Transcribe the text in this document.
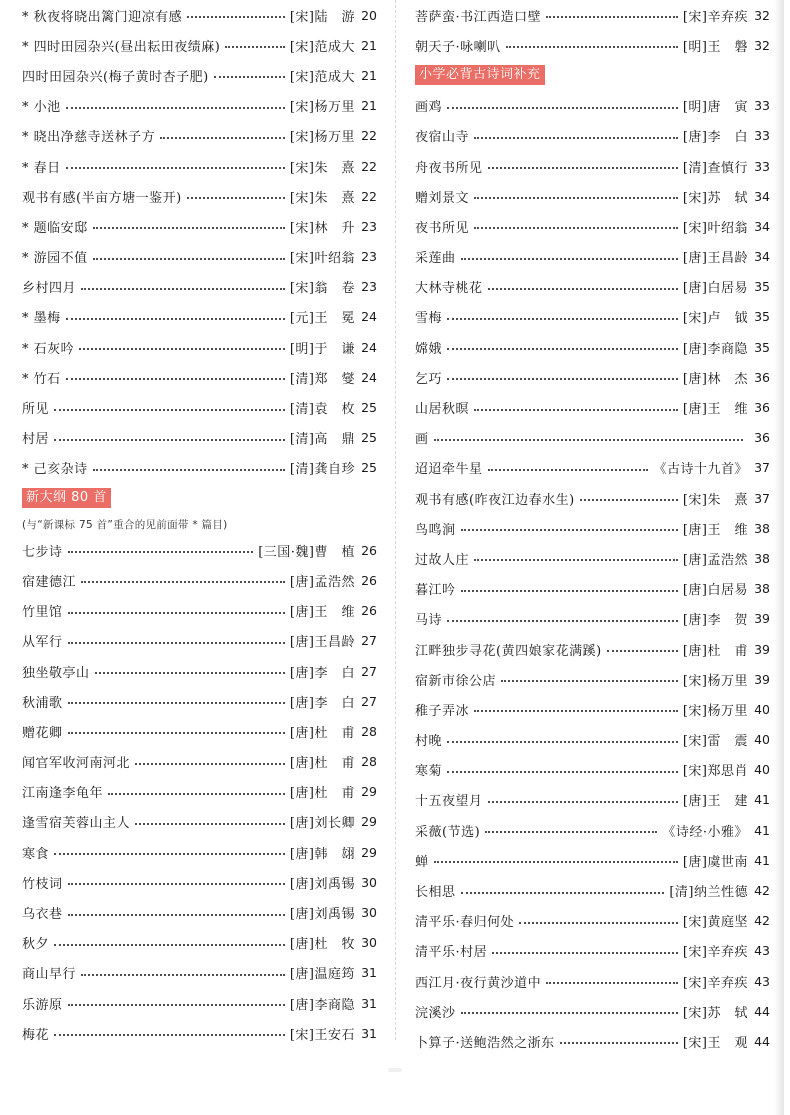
* 秋夜将晓出篱门迎凉有感	[宋]陆　游 20
* 四时田园杂兴(昼出耘田夜绩麻)	[宋]范成大 21
四时田园杂兴(梅子黄时杏子肥)	[宋]范成大 21
* 小池	[宋]杨万里 21
* 晓出净慈寺送林子方	[宋]杨万里 22
* 春日	[宋]朱　熹 22
观书有感(半亩方塘一鉴开)	[宋]朱　熹 22
* 题临安邸	[宋]林　升 23
* 游园不值	[宋]叶绍翁 23
乡村四月	[宋]翁　卷 23
* 墨梅	[元]王　冕 24
* 石灰吟	[明]于　谦 24
* 竹石	[清]郑　燮 24
所见	[清]袁　枚 25
村居	[清]高　鼎 25
* 己亥杂诗	[清]龚自珍 25
新大纲 80 首
(与“新课标 75 首”重合的见前面带 * 篇目)
七步诗	[三国·魏]曹　植 26
宿建德江	[唐]孟浩然 26
竹里馆	[唐]王　维 26
从军行	[唐]王昌龄 27
独坐敬亭山	[唐]李　白 27
秋浦歌	[唐]李　白 27
赠花卿	[唐]杜　甫 28
闻官军收河南河北	[唐]杜　甫 28
江南逢李龟年	[唐]杜　甫 29
逢雪宿芙蓉山主人	[唐]刘长卿 29
寒食	[唐]韩　翃 29
竹枝词	[唐]刘禹锡 30
乌衣巷	[唐]刘禹锡 30
秋夕	[唐]杜　牧 30
商山早行	[唐]温庭筠 31
乐游原	[唐]李商隐 31
梅花	[宋]王安石 31
菩萨蛮·书江西造口壁	[宋]辛弃疾 32
朝天子·咏喇叭	[明]王　磐 32
小学必背古诗词补充
画鸡	[明]唐　寅 33
夜宿山寺	[唐]李　白 33
舟夜书所见	[清]查慎行 33
赠刘景文	[宋]苏　轼 34
夜书所见	[宋]叶绍翁 34
采莲曲	[唐]王昌龄 34
大林寺桃花	[唐]白居易 35
雪梅	[宋]卢　钺 35
嫦娥	[唐]李商隐 35
乞巧	[唐]林　杰 36
山居秋暝	[唐]王　维 36
画	36
迢迢牵牛星	《古诗十九首》 37
观书有感(昨夜江边春水生)	[宋]朱　熹 37
鸟鸣涧	[唐]王　维 38
过故人庄	[唐]孟浩然 38
暮江吟	[唐]白居易 38
马诗	[唐]李　贺 39
江畔独步寻花(黄四娘家花满蹊)	[唐]杜　甫 39
宿新市徐公店	[宋]杨万里 39
稚子弄冰	[宋]杨万里 40
村晚	[宋]雷　震 40
寒菊	[宋]郑思肖 40
十五夜望月	[唐]王　建 41
采薇(节选)	《诗经·小雅》 41
蝉	[唐]虞世南 41
长相思	[清]纳兰性德 42
清平乐·春归何处	[宋]黄庭坚 42
清平乐·村居	[宋]辛弃疾 43
西江月·夜行黄沙道中	[宋]辛弃疾 43
浣溪沙	[宋]苏　轼 44
卜算子·送鲍浩然之浙东	[宋]王　观 44
